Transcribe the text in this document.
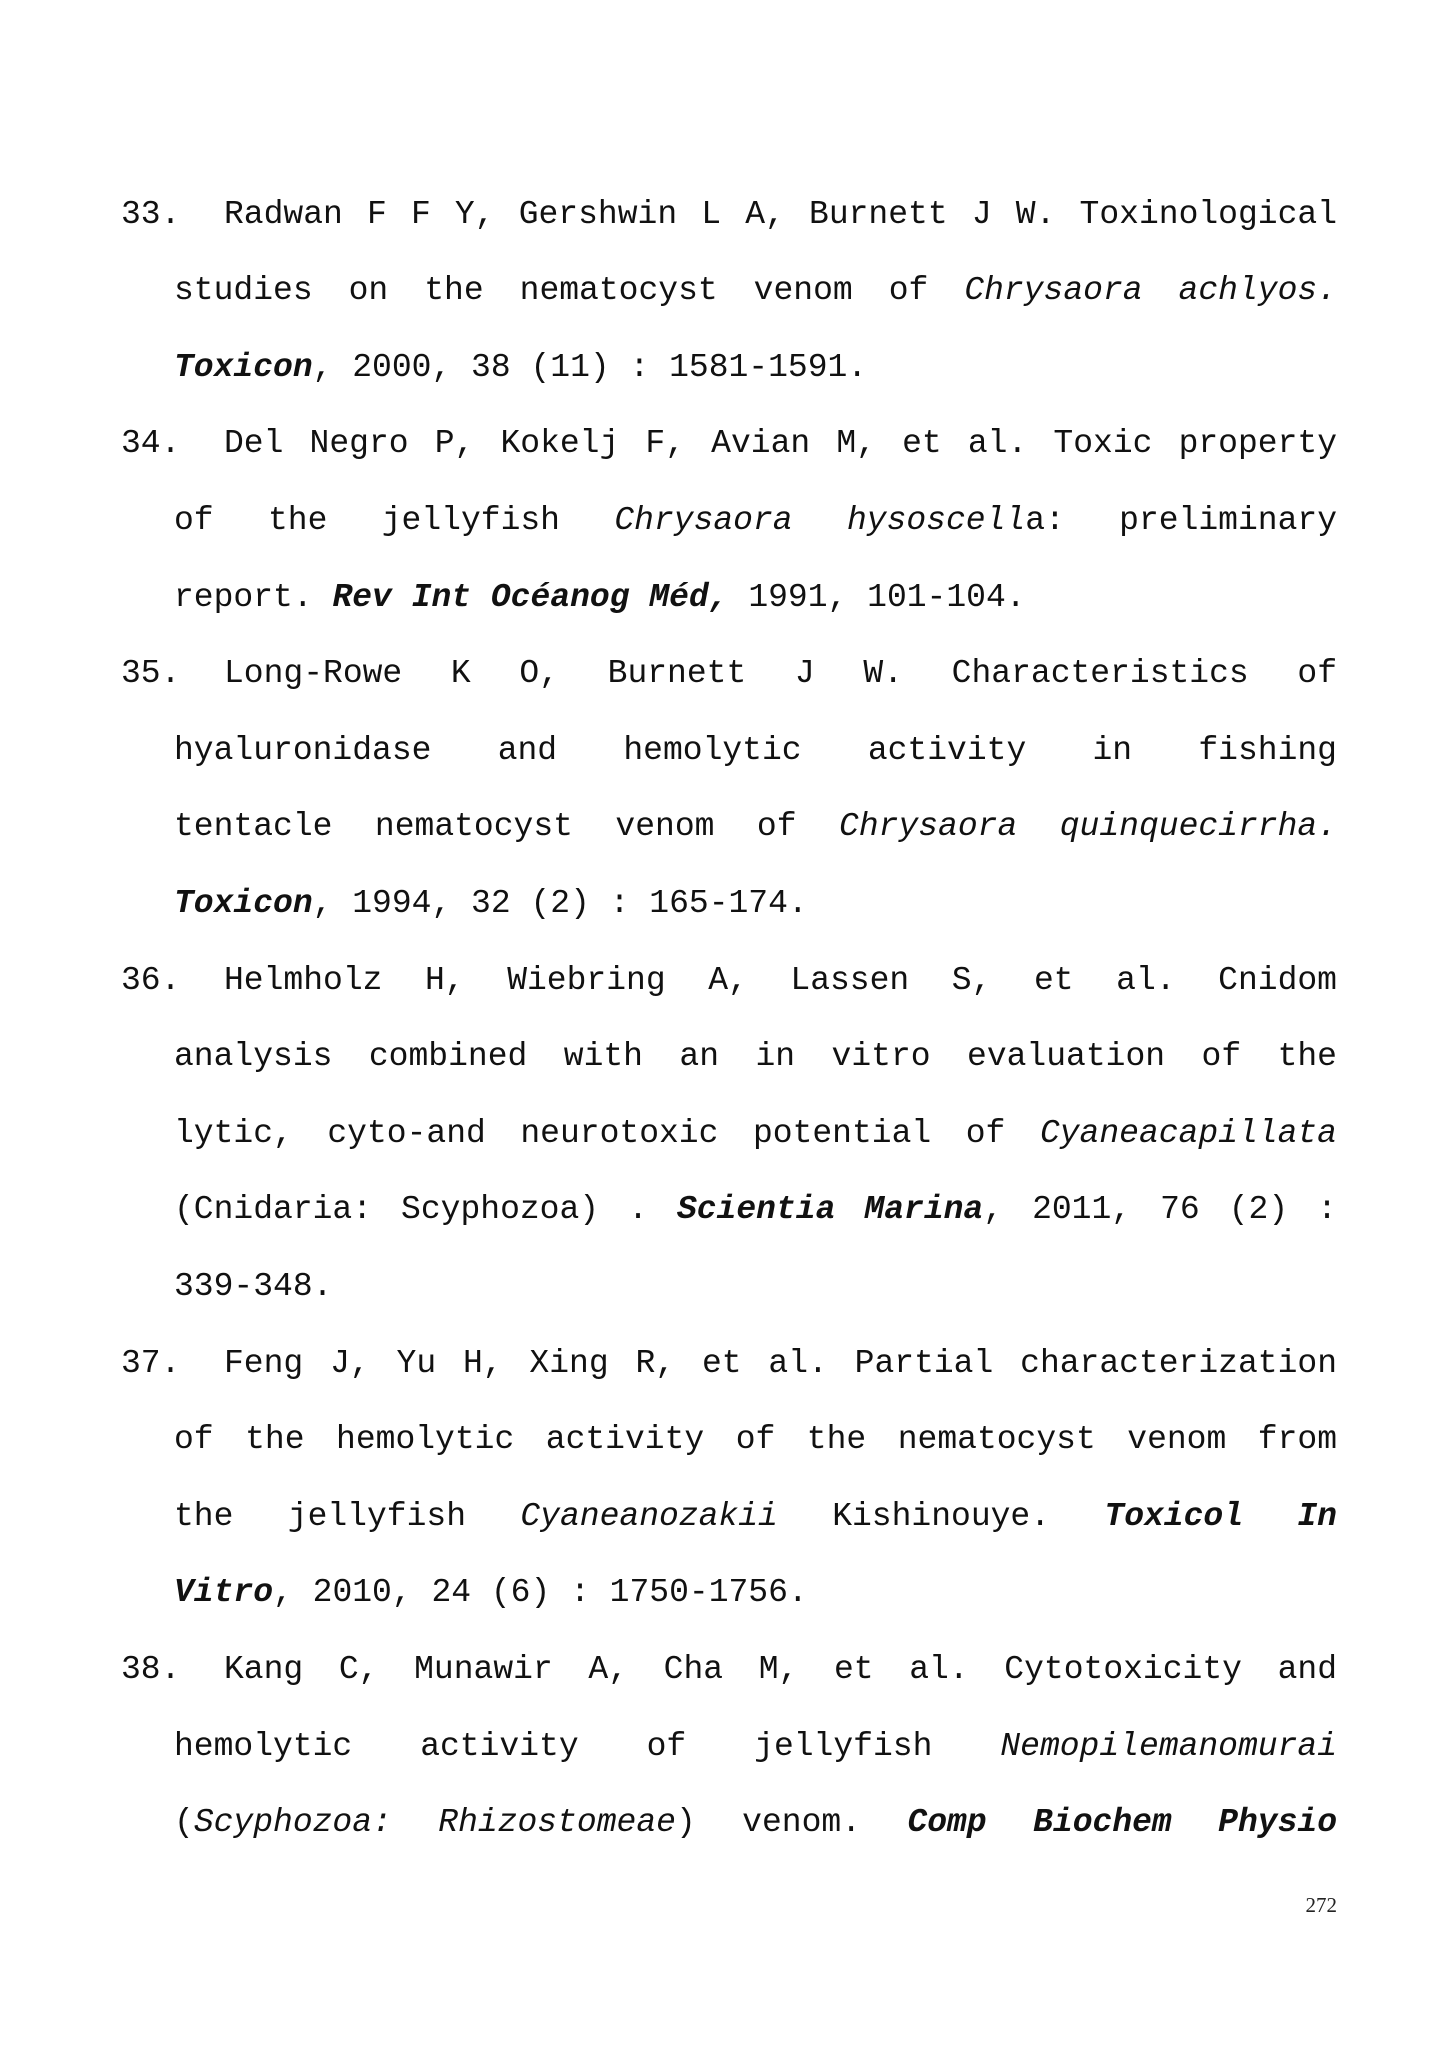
33. Radwan F F Y, Gershwin L A, Burnett J W. Toxinological
studies on the nematocyst venom of Chrysaora achlyos.
Toxicon, 2000, 38 (11) : 1581-1591.
34. Del Negro P, Kokelj F, Avian M, et al. Toxic property
of the jellyfish Chrysaora hysoscella: preliminary
report. Rev Int Océanog Méd, 1991, 101-104.
35. Long-Rowe K O, Burnett J W. Characteristics of
hyaluronidase and hemolytic activity in fishing
tentacle nematocyst venom of Chrysaora quinquecirrha.
Toxicon, 1994, 32 (2) : 165-174.
36. Helmholz H, Wiebring A, Lassen S, et al. Cnidom
analysis combined with an in vitro evaluation of the
lytic, cyto-and neurotoxic potential of Cyaneacapillata
(Cnidaria: Scyphozoa) . Scientia Marina, 2011, 76 (2) :
339-348.
37. Feng J, Yu H, Xing R, et al. Partial characterization
of the hemolytic activity of the nematocyst venom from
the jellyfish Cyaneanozakii Kishinouye. Toxicol In
Vitro, 2010, 24 (6) : 1750-1756.
38. Kang C, Munawir A, Cha M, et al. Cytotoxicity and
hemolytic activity of jellyfish Nemopilemanomurai
(Scyphozoa: Rhizostomeae) venom. Comp Biochem Physio
272
